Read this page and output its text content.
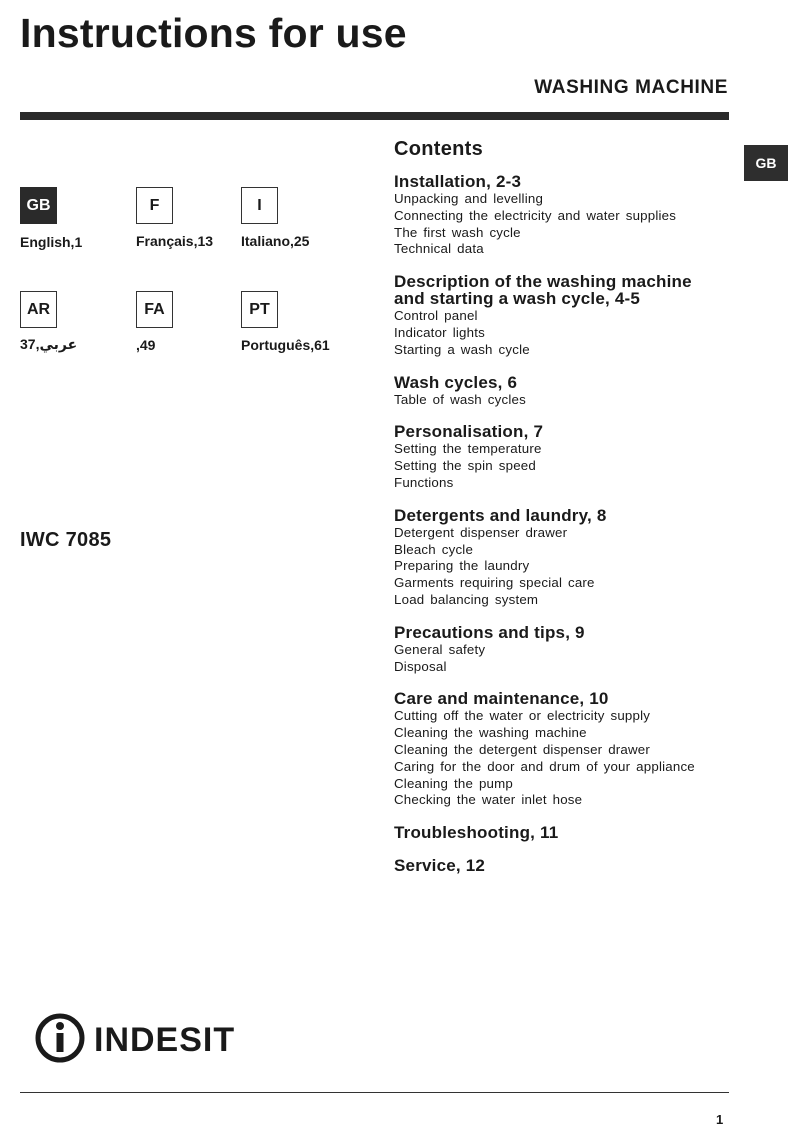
Instructions for use
WASHING MACHINE
GB
GB
English,1
F
Français,13
I
Italiano,25
AR
عربي,37
FA
,49
PT
Português,61
IWC 7085
Contents
Installation, 2-3
Unpacking and levelling
Connecting the electricity and water supplies
The first wash cycle
Technical data
Description of the washing machine and starting a wash cycle, 4-5
Control panel
Indicator lights
Starting a wash cycle
Wash cycles, 6
Table of wash cycles
Personalisation, 7
Setting the temperature
Setting the spin speed
Functions
Detergents and laundry, 8
Detergent dispenser drawer
Bleach cycle
Preparing the laundry
Garments requiring special care
Load balancing system
Precautions and tips, 9
General safety
Disposal
Care and maintenance, 10
Cutting off the water or electricity supply
Cleaning the washing machine
Cleaning the detergent dispenser drawer
Caring for the door and drum of your appliance
Cleaning the pump
Checking the water inlet hose
Troubleshooting, 11
Service, 12
INDESIT
1
